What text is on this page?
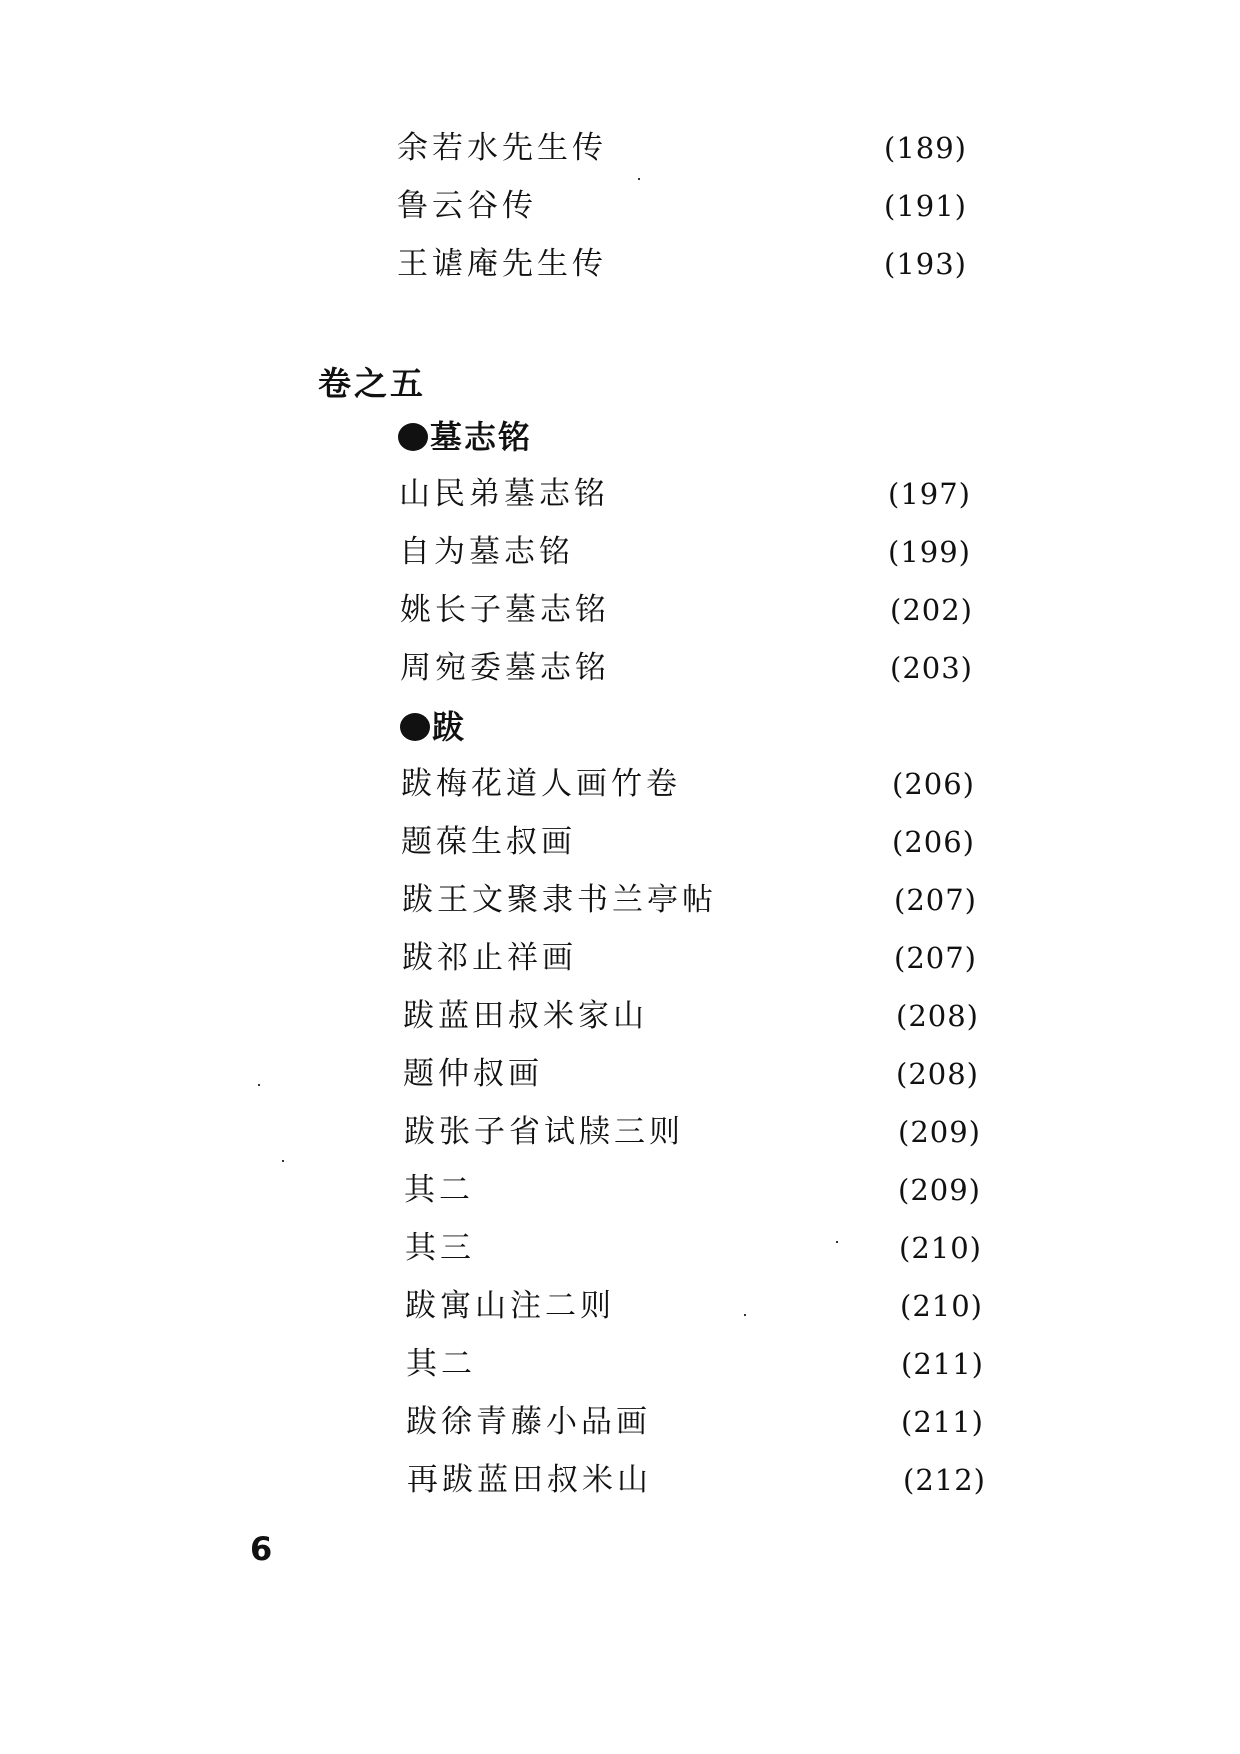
余若水先生传	(189)
鲁云谷传	(191)
王谑庵先生传	(193)
卷之五
墓志铭
山民弟墓志铭	(197)
自为墓志铭	(199)
姚长子墓志铭	(202)
周宛委墓志铭	(203)
跋
跋梅花道人画竹卷	(206)
题葆生叔画	(206)
跋王文聚隶书兰亭帖	(207)
跋祁止祥画	(207)
跋蓝田叔米家山	(208)
题仲叔画	(208)
跋张子省试牍三则	(209)
其二	(209)
其三	(210)
跋寓山注二则	(210)
其二	(211)
跋徐青藤小品画	(211)
再跋蓝田叔米山	(212)
6
